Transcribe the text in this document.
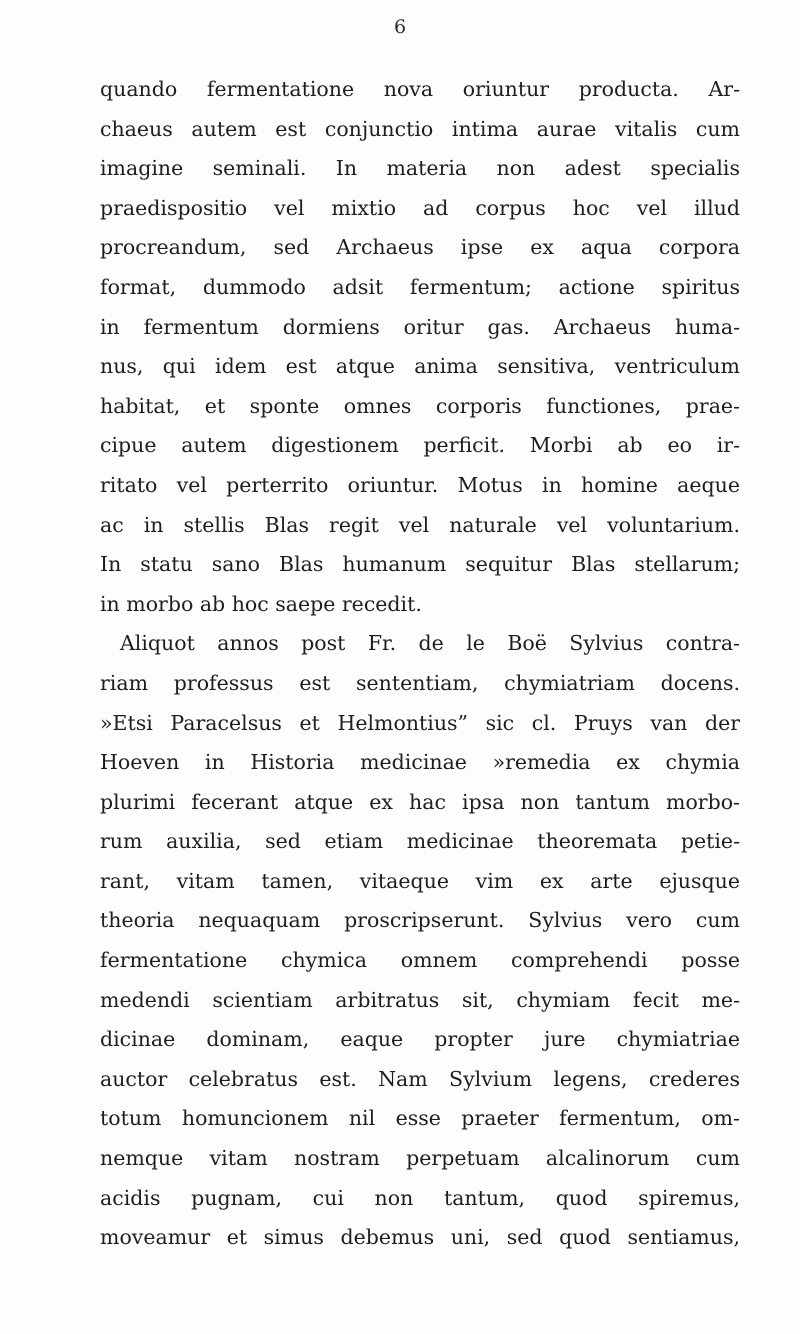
6
quando fermentatione nova oriuntur producta. Ar-
chaeus autem est conjunctio intima aurae vitalis cum
imagine seminali. In materia non adest specialis
praedispositio vel mixtio ad corpus hoc vel illud
procreandum, sed Archaeus ipse ex aqua corpora
format, dummodo adsit fermentum; actione spiritus
in fermentum dormiens oritur gas. Archaeus huma-
nus, qui idem est atque anima sensitiva, ventriculum
habitat, et sponte omnes corporis functiones, prae-
cipue autem digestionem perficit. Morbi ab eo ir-
ritato vel perterrito oriuntur. Motus in homine aeque
ac in stellis Blas regit vel naturale vel voluntarium.
In statu sano Blas humanum sequitur Blas stellarum;
in morbo ab hoc saepe recedit.
Aliquot annos post Fr. de le Boë Sylvius contra-
riam professus est sententiam, chymiatriam docens.
»Etsi Paracelsus et Helmontius” sic cl. Pruys van der
Hoeven in Historia medicinae »remedia ex chymia
plurimi fecerant atque ex hac ipsa non tantum morbo-
rum auxilia, sed etiam medicinae theoremata petie-
rant, vitam tamen, vitaeque vim ex arte ejusque
theoria nequaquam proscripserunt. Sylvius vero cum
fermentatione chymica omnem comprehendi posse
medendi scientiam arbitratus sit, chymiam fecit me-
dicinae dominam, eaque propter jure chymiatriae
auctor celebratus est. Nam Sylvium legens, crederes
totum homuncionem nil esse praeter fermentum, om-
nemque vitam nostram perpetuam alcalinorum cum
acidis pugnam, cui non tantum, quod spiremus,
moveamur et simus debemus uni, sed quod sentiamus,
